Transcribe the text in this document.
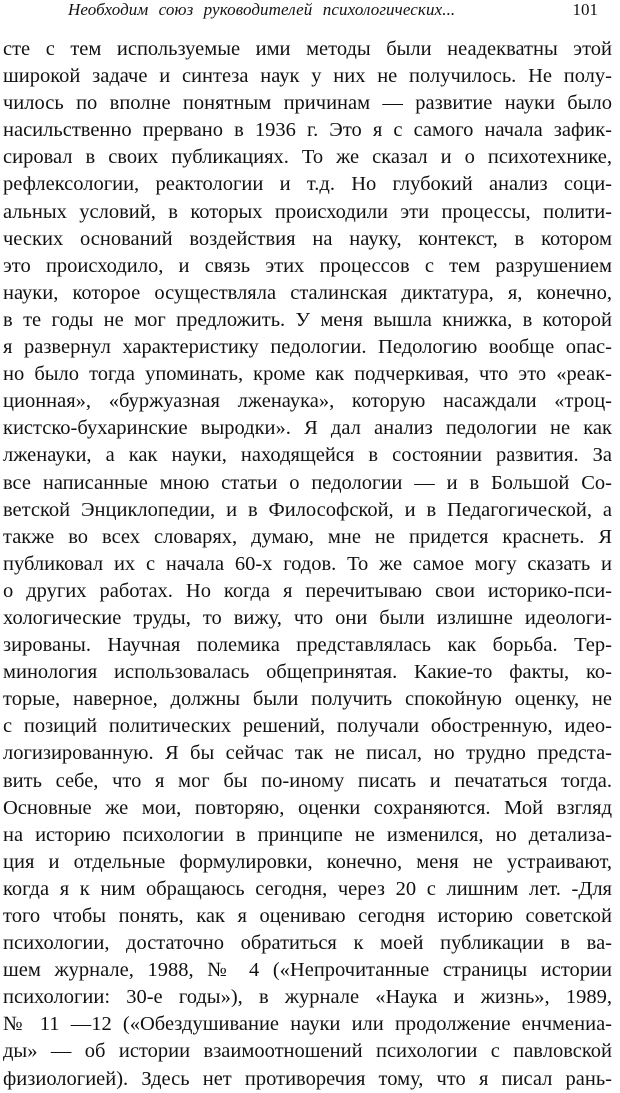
Необходим союз руководителей психологических...	101
сте с тем используемые ими методы были неадекватны этой
широкой задаче и синтеза наук у них не получилось. Не полу-
чилось по вполне понятным причинам — развитие науки было
насильственно прервано в 1936 г. Это я с самого начала зафик-
сировал в своих публикациях. То же сказал и о психотехнике,
рефлексологии, реактологии и т.д. Но глубокий анализ соци-
альных условий, в которых происходили эти процессы, полити-
ческих оснований воздействия на науку, контекст, в котором
это происходило, и связь этих процессов с тем разрушением
науки, которое осуществляла сталинская диктатура, я, конечно,
в те годы не мог предложить. У меня вышла книжка, в которой
я развернул характеристику педологии. Педологию вообще опас-
но было тогда упоминать, кроме как подчеркивая, что это «реак-
ционная», «буржуазная лженаука», которую насаждали «троц-
кистско-бухаринские выродки». Я дал анализ педологии не как
лженауки, а как науки, находящейся в состоянии развития. За
все написанные мною статьи о педологии — и в Большой Со-
ветской Энциклопедии, и в Философской, и в Педагогической, а
также во всех словарях, думаю, мне не придется краснеть. Я
публиковал их с начала 60-х годов. То же самое могу сказать и
о других работах. Но когда я перечитываю свои историко-пси-
хологические труды, то вижу, что они были излишне идеологи-
зированы. Научная полемика представлялась как борьба. Тер-
минология использовалась общепринятая. Какие-то факты, ко-
торые, наверное, должны были получить спокойную оценку, не
с позиций политических решений, получали обостренную, идео-
логизированную. Я бы сейчас так не писал, но трудно предста-
вить себе, что я мог бы по-иному писать и печататься тогда.
Основные же мои, повторяю, оценки сохраняются. Мой взгляд
на историю психологии в принципе не изменился, но детализа-
ция и отдельные формулировки, конечно, меня не устраивают,
когда я к ним обращаюсь сегодня, через 20 с лишним лет. -Для
того чтобы понять, как я оцениваю сегодня историю советской
психологии, достаточно обратиться к моей публикации в ва-
шем журнале, 1988, № 4 («Непрочитанные страницы истории
психологии: 30-е годы»), в журнале «Наука и жизнь», 1989,
№ 11 —12 («Обездушивание науки или продолжение енчмениа-
ды» — об истории взаимоотношений психологии с павловской
физиологией). Здесь нет противоречия тому, что я писал рань-
